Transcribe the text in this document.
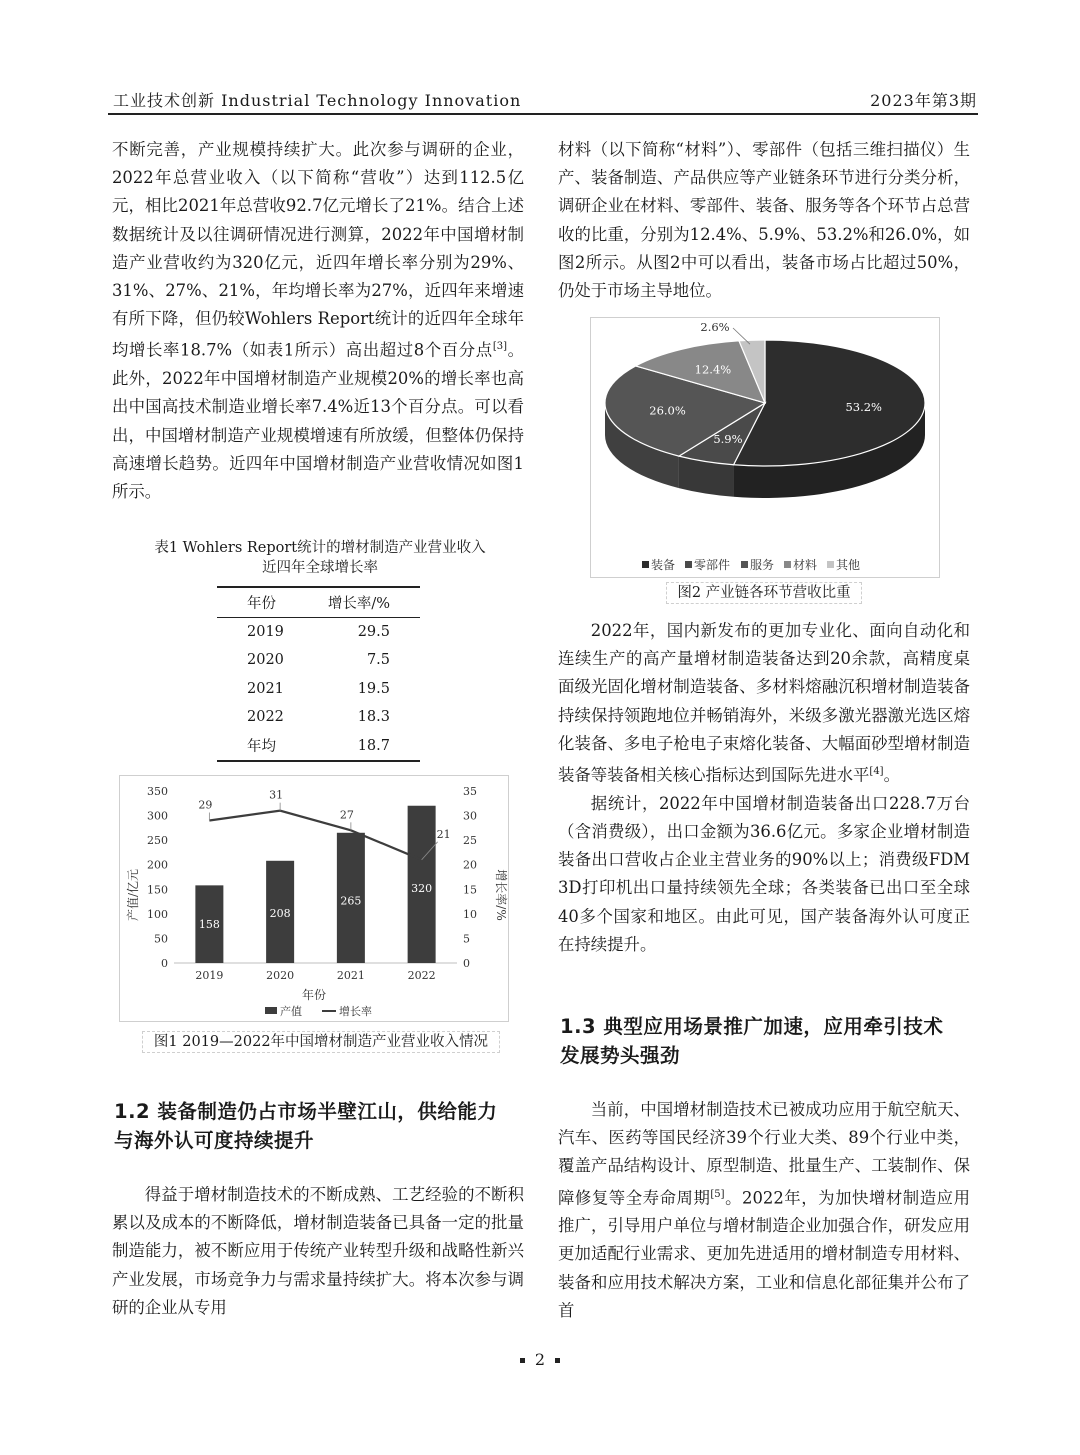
工业技术创新 Industrial Technology Innovation	2023年第3期

不断完善，产业规模持续扩大。此次参与调研的企业，2022年总营业收入（以下简称“营收”）达到112.5亿元，相比2021年总营收92.7亿元增长了21%。结合上述数据统计及以往调研情况进行测算，2022年中国增材制造产业营收约为320亿元，近四年增长率分别为29%、31%、27%、21%，年均增长率为27%，近四年来增速有所下降，但仍较Wohlers Report统计的近四年全球年均增长率18.7%（如表1所示）高出超过8个百分点[3]。此外，2022年中国增材制造产业规模20%的增长率也高出中国高技术制造业增长率7.4%近13个百分点。可以看出，中国增材制造产业规模增速有所放缓，但整体仍保持高速增长趋势。近四年中国增材制造产业营收情况如图1所示。

表1 Wohlers Report统计的增材制造产业营业收入
近四年全球增长率
年份	增长率/%
2019	29.5
2020	7.5
2021	19.5
2022	18.3
年均	18.7
0
50
100
150
200
250
300
350
0
5
10
15
20
25
30
35
158
2019
208
2020
265
2021
320
2022
29
31
27
21
产值/亿元	增长率/%
年份
产值	增长率
图1 2019—2022年中国增材制造产业营业收入情况
1.2 装备制造仍占市场半壁江山，供给能力
与海外认可度持续提升

得益于增材制造技术的不断成熟、工艺经验的不断积累以及成本的不断降低，增材制造装备已具备一定的批量制造能力，被不断应用于传统产业转型升级和战略性新兴产业发展，市场竞争力与需求量持续扩大。将本次参与调研的企业从专用

材料（以下简称“材料”）、零部件（包括三维扫描仪）生产、装备制造、产品供应等产业链条环节进行分类分析，调研企业在材料、零部件、装备、服务等各个环节占总营收的比重，分别为12.4%、5.9%、53.2%和26.0%，如图2所示。从图2中可以看出，装备市场占比超过50%，仍处于市场主导地位。

53.2%
5.9%
26.0%
12.4%
2.6%
装备 零部件 服务 材料 其他
图2 产业链各环节营收比重

2022年，国内新发布的更加专业化、面向自动化和连续生产的高产量增材制造装备达到20余款，高精度桌面级光固化增材制造装备、多材料熔融沉积增材制造装备持续保持领跑地位并畅销海外，米级多激光器激光选区熔化装备、多电子枪电子束熔化装备、大幅面砂型增材制造装备等装备相关核心指标达到国际先进水平[4]。

据统计，2022年中国增材制造装备出口228.7万台（含消费级），出口金额为36.6亿元。多家企业增材制造装备出口营收占企业主营业务的90%以上；消费级FDM 3D打印机出口量持续领先全球；各类装备已出口至全球40多个国家和地区。由此可见，国产装备海外认可度正在持续提升。

1.3 典型应用场景推广加速，应用牵引技术
发展势头强劲

当前，中国增材制造技术已被成功应用于航空航天、汽车、医药等国民经济39个行业大类、89个行业中类，覆盖产品结构设计、原型制造、批量生产、工装制作、保障修复等全寿命周期[5]。2022年，为加快增材制造应用推广，引导用户单位与增材制造企业加强合作，研发应用更加适配行业需求、更加先进适用的增材制造专用材料、装备和应用技术解决方案，工业和信息化部征集并公布了首

2
